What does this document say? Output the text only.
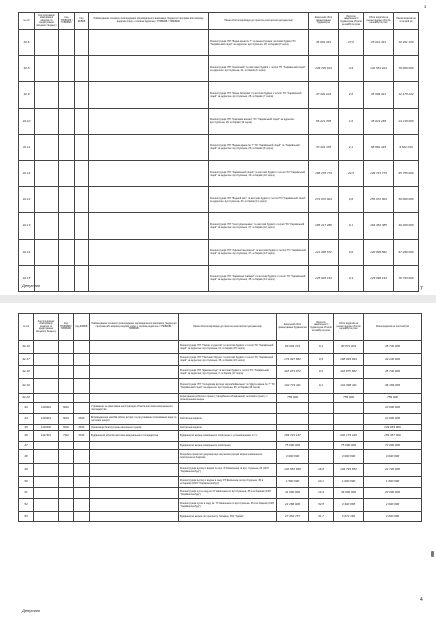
3
№ п/п	Код програмної класифікації видатків та кредитування місцевого бюджету	Код ТПКВКМБ / ТКВКБМС	Код ФКВКБ	Найменування головного розпорядника, відповідального виконавця, бюджетної програми або напряму видатків згідно з типовою відомчою / ТПКВКМБ / ТКВКБМС	Назва об'єкта відповідно до проектно-кошторисної документації	Загальний обсяг фінансування будівництва	Відсоток завершеності будівництва об'єктів на майбутні роки	Обсяг видатків на реконструкцію об'єктів на майбутні роки	Разом видатків на поточний рік
42.6					Реконструкція ІТП "Водні арені № 7" та реконструкція теплової будівлі ТО "Харківський ліцей" за адресою: вул.Сумська, 18, м.Харків (8 черга)	45 991 331	27,0	25 012 331	16 201 190
42.8					Реконструкція ІТП "Космічний" та житлової будівлі з теплої ТО "Харківський ліцей" за адресою: вул.Сумська, 21, м.Харків (9 черга)	149 735 814	4,9	132 551 914	79 000 000
42.9					Реконструкція ІТП "Шина Авторам" та житлові будівлі з теплої ТО "Харківський ліцей" за адресою: вул.Сумська, 25, м.Харків (7 черга)	47 342 224	2,8	35 999 321	12 178 232
42.10					Реконструкція ІТП "Компанія вокзал" ТО "Харківський ліцей" за адресою: вул.Сумська, 29, м.Харків (16 черга)	65 221 708	1,0	45 021 168	24 218 000
42.11					Реконструкція ІТП "Водна арена № 7" ТО "Харківський ліцей" та "Харківський ліцей" за адресою: вул.Сумська, 25, м.Харків (6 черга)	70 431 478	2,1	68 862 418	9 822 010
42.14					Реконструкція ІТП "Харківський ліцей" та житлові будівлі з теплої ТО "Харківський ліцей" за адресою: вул.Сумська, 19, м.Харків (10 черга)	168 276 773	22,5	139 715 773	65 755 000
42.12					Реконструкція ІТП "Водний світ" та житлові будівлі з теплої ТО "Харківський ліцей" за адресою: вул.Сумська, 33, м.Харків (11 черга)	272 672 024	4,6	255 972 804	50 000 000
42.13					Реконструкція ІТП "Село рідноземне" та житлові будівлі з теплої ТО "Харківський ліцей" за адресою: вул.Сумська, 37, м.Харків (12 черга)	165 217 286	0,1	164 452 385	40 200 000
42.14					Реконструкція ІТП "Афганістан вокзал" та житлові будівлі з теплої ТО "Харківський ліцей" за адресою: вул.Сумська, 37, м.Харків (13 черга)	121 496 572	9,6	120 999 562	67 266 090
42.15					Реконструкція ІТП "Харківські Сабари" та житлові будівлі з теплої ТО "Харківський ліцей" за адресою: вул.Сумська, 35, м.Харків (14 черга)	125 928 154	0,3	125 998 154	76 733 000
Депутат
7
№ п/п	Код програмної класифікації видатків та кредитування місцевого бюджету	Код ТПКВКМБ / ТКВКБМС	Код ФКВКБ	Найменування головного розпорядника, відповідального виконавця, бюджетної програми або напряму видатків згідно з типовою відомчою / ТПКВКМБ / ТКВКБМС	Назва об'єкта відповідно до проектно-кошторисної документації	Загальний обсяг фінансування будівництва	Відсоток завершеності будівництва об'єктів на майбутні роки	Обсяг видатків на реконструкцію об'єктів на майбутні роки	Разом видатків на поточний рік
42.16					Реконструкція ІТП "Палац студентів" та житлові будівлі з теплої ТО "Харківський ліцей" за адресою: вул.Сумська, 21, м.Харків (15 черга)	83 003 723	0,1	80 871 004	45 730 000
42.17					Реконструкція ІТП "Пасічник бируса" та житлові будівлі з теплої ТО "Харківський ліцей" за адресою: вул.Сумська, 45, м.Харків (16 черга)	174 937 862	0,3	168 933 994	43 230 000
42.18					Реконструкція ІТП "Щекина-Сад" та житлові будівлі з теплої ТО "Харківський ліцей" за адресою: вул.Сумська, 2, м.Харків (17 черга)	118 073 072	0,2	116 875 662	45 730 000
42.19					Реконструкція ІТП "Солодкова вулиця хорошбейвельна" та "Друга арена № 7" ТО "Харківський ліцей" за адресою: вул.Сумська, 35, м.Харків (18 черга)	132 773 411	0,1	131 096 411	36 169 000
42.20					Коригування робочого проекту (придбання обладнання) теплового пункту з розширенням мереж	759 000		759 000	759 000
43	1416010	6010		Утримання та ефективна експлуатація об'єктів житлово-комунального господарства					10 000 000
44	1416016	6016	0620	Впровадження засобів обліку витрат та регулювання споживання води та теплової енергії	Капітальні видатки				10 000 000
45	1416030	6030	0620	Організація благоустрою населених пунктів	Капітальні видатки				133 053 900
46	1417310	7310	0443	Будівництво об'єктів житлово-комунального господарства	Будівництво мереж зовнішнього освітлення з установленням, в т.ч.:	169 731 137		332 173 233	159 457 000
47					Будівництво мереж зовнішнього освітлення	75 000 000		75 000 000	72 000 000
48					Розробка проектної документації на реконструкцію мереж зовнішнього освітлення м.Харкова	3 000 000		3 000 000	3 000 000
49					Реконструкція вулиці з водою по вул. Р.Т.Шевченка та вул. Сумська, 25 (СКП "Харківзеленбуд")	132 852 890	16,8	104 793 852	22 720 000
50					Реконструкція вулиці з водою в саду Р.Т.Шевченка по вул.Сумська, 35 в м.Харкові (СКП "Харківзеленбуд")	1 560 000	20,1	1 000 000	1 000 000
51					Реконструкція зуп в саду ім.Т.Г.Шевченка по вул.Сумська, 35 в м.Харкові (СКП "Харківзеленбуд")	41 000 000	13,3	39 000 000	20 000 000
52					Реконструкція зупок в саду ім. Т.Г.Шевченка по вул.Сумська, 35 в м.Харкові (СКП "Харківзеленбуд")	14 286 000	52,8	3 330 965	2 000 000
53					Будівництво мереж по проспекту Гагаріна, 302 "Харків"	27 352 715	31,7	5 672 182	2 000 000
Депутат
4
